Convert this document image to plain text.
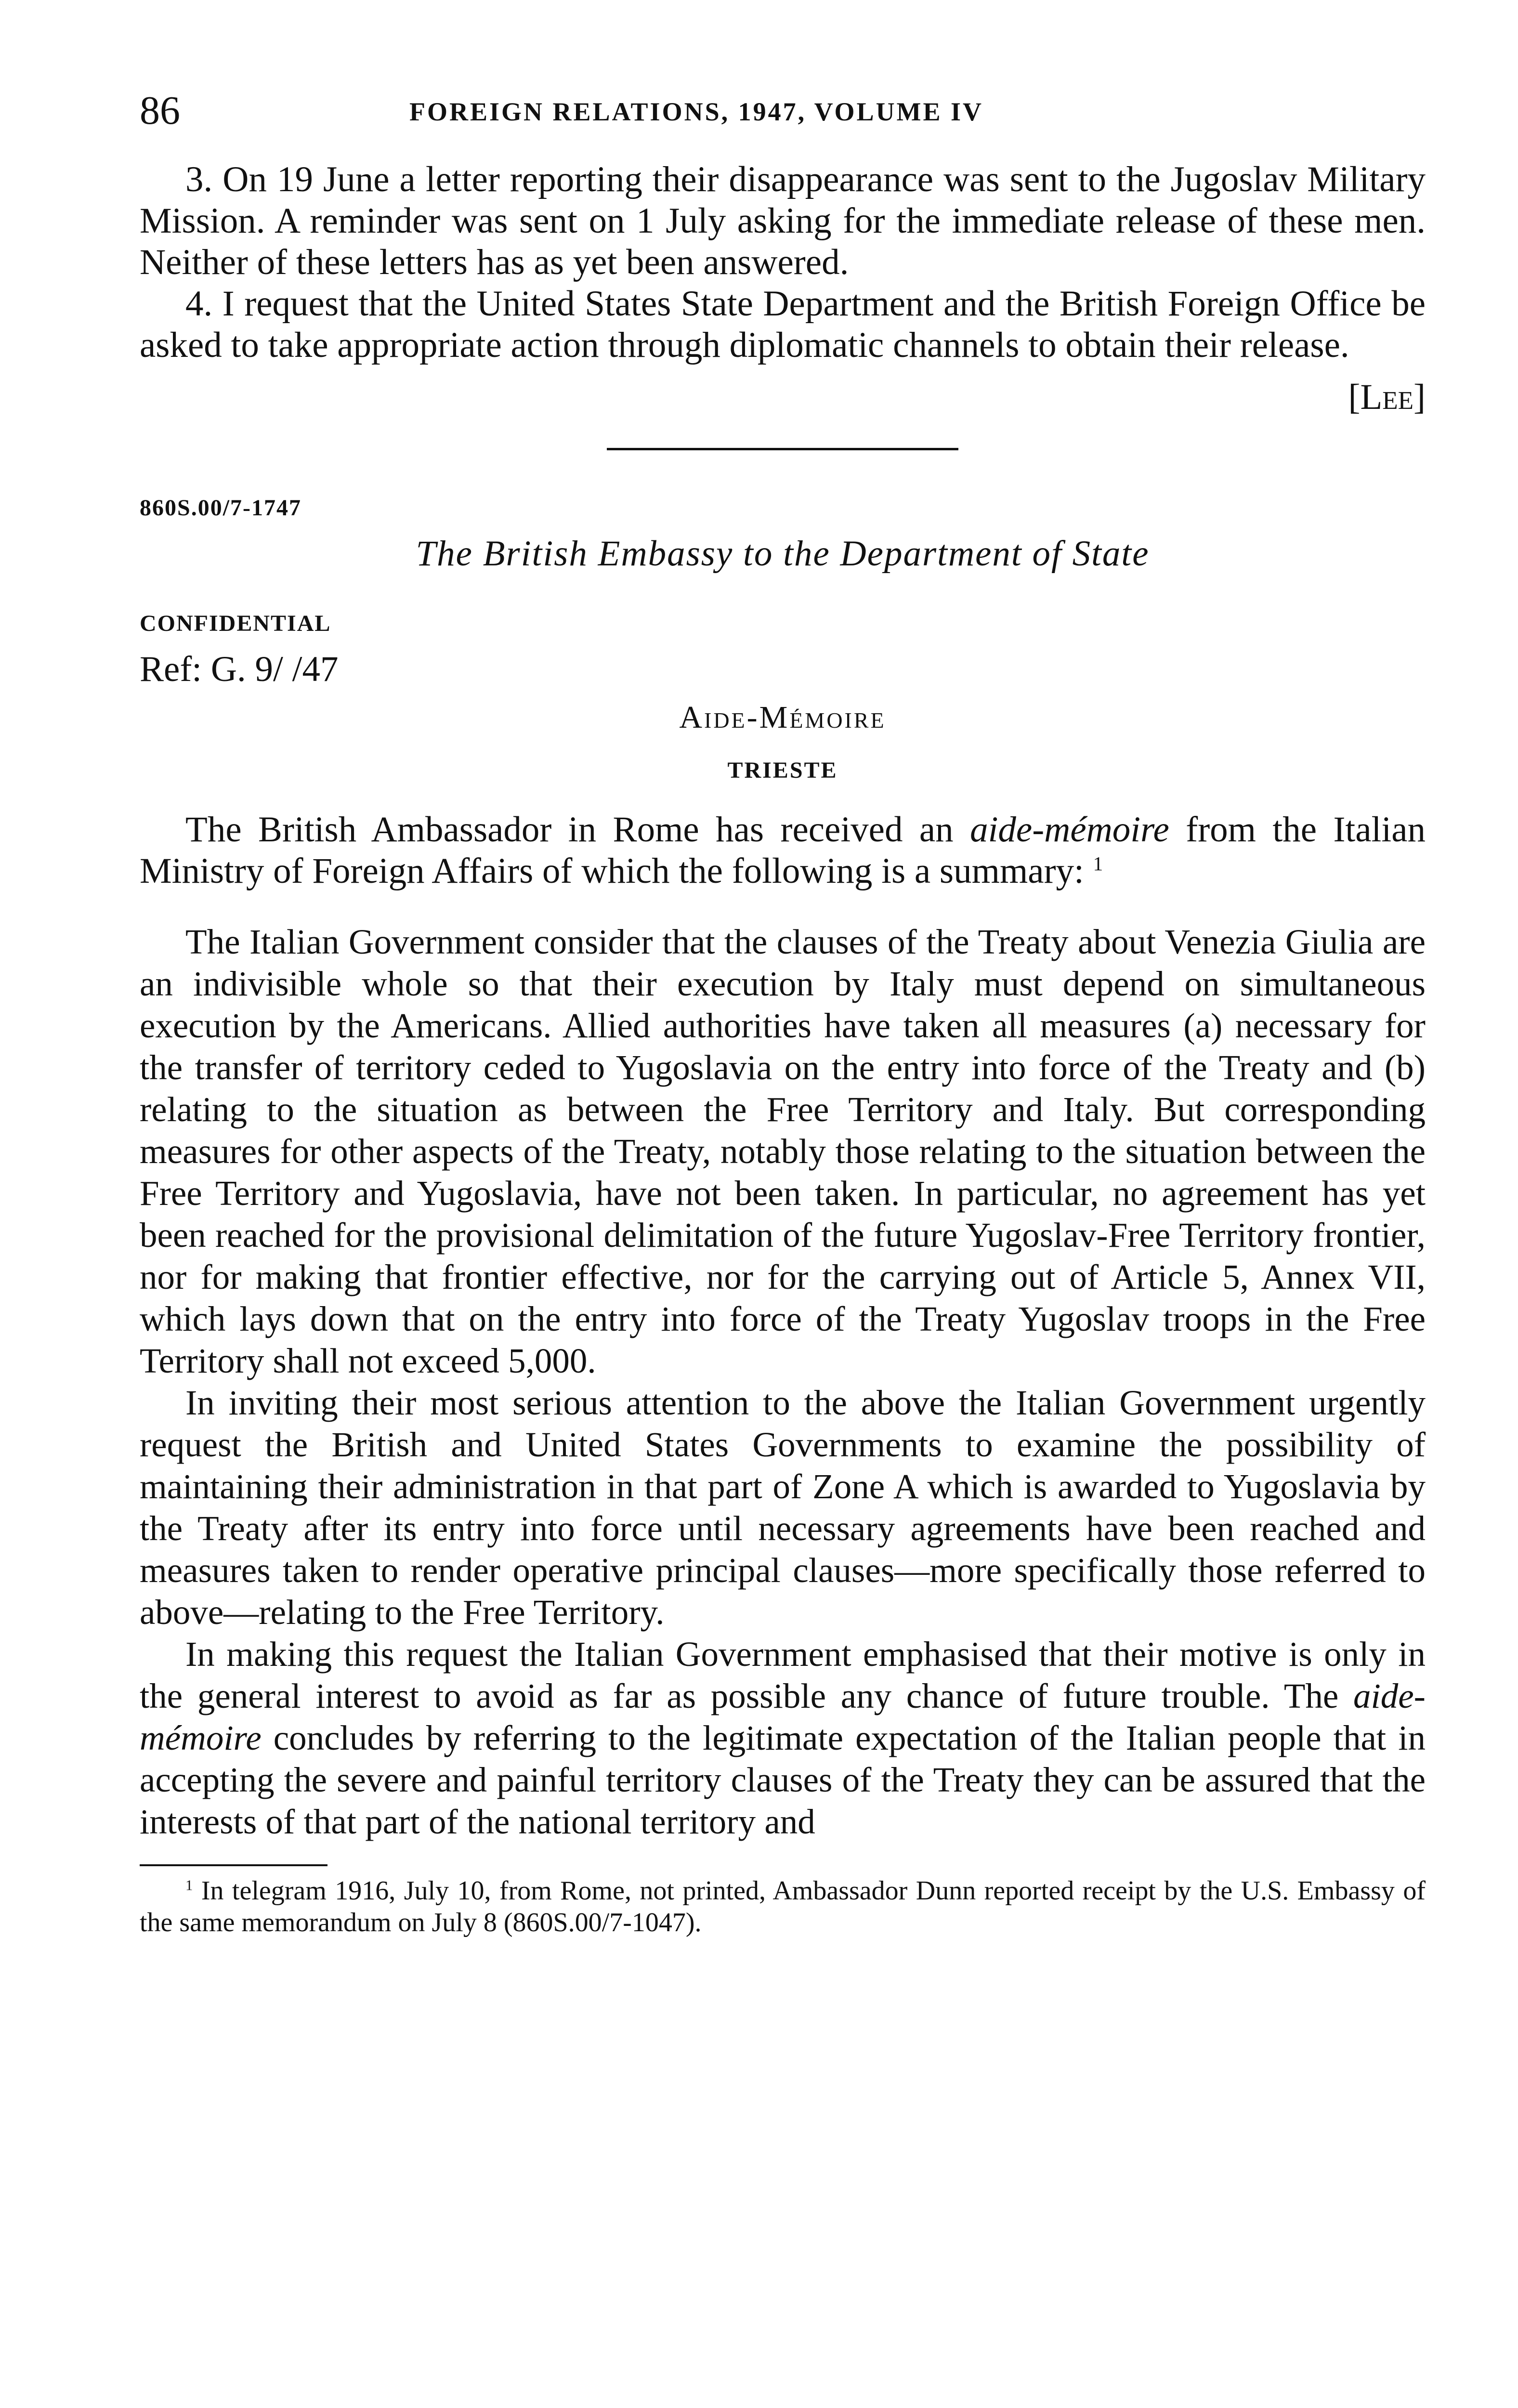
86	FOREIGN RELATIONS, 1947, VOLUME IV

3. On 19 June a letter reporting their disappearance was sent to the Jugoslav Military Mission. A reminder was sent on 1 July asking for the immediate release of these men. Neither of these letters has as yet been answered.

4. I request that the United States State Department and the British Foreign Office be asked to take appropriate action through diplomatic channels to obtain their release.

[Lee]
860S.00/7-1747
The British Embassy to the Department of State
CONFIDENTIAL
Ref: G. 9/ /47
Aide-Mémoire
TRIESTE

The British Ambassador in Rome has received an aide-mémoire from the Italian Ministry of Foreign Affairs of which the following is a summary: $^1$

The Italian Government consider that the clauses of the Treaty about Venezia Giulia are an indivisible whole so that their execution by Italy must depend on simultaneous execution by the Americans. Allied authorities have taken all measures (a) necessary for the transfer of territory ceded to Yugoslavia on the entry into force of the Treaty and (b) relating to the situation as between the Free Territory and Italy. But corresponding measures for other aspects of the Treaty, notably those relating to the situation between the Free Territory and Yugoslavia, have not been taken. In particular, no agreement has yet been reached for the provisional delimitation of the future Yugoslav-Free Territory frontier, nor for making that frontier effective, nor for the carrying out of Article 5, Annex VII, which lays down that on the entry into force of the Treaty Yugoslav troops in the Free Territory shall not exceed 5,000.

In inviting their most serious attention to the above the Italian Government urgently request the British and United States Governments to examine the possibility of maintaining their administration in that part of Zone A which is awarded to Yugoslavia by the Treaty after its entry into force until necessary agreements have been reached and measures taken to render operative principal clauses—more specifically those referred to above—relating to the Free Territory.

In making this request the Italian Government emphasised that their motive is only in the general interest to avoid as far as possible any chance of future trouble. The aide-mémoire concludes by referring to the legitimate expectation of the Italian people that in accepting the severe and painful territory clauses of the Treaty they can be assured that the interests of that part of the national territory and

$^1$ In telegram 1916, July 10, from Rome, not printed, Ambassador Dunn reported receipt by the U.S. Embassy of the same memorandum on July 8 (860S.00/7-1047).
